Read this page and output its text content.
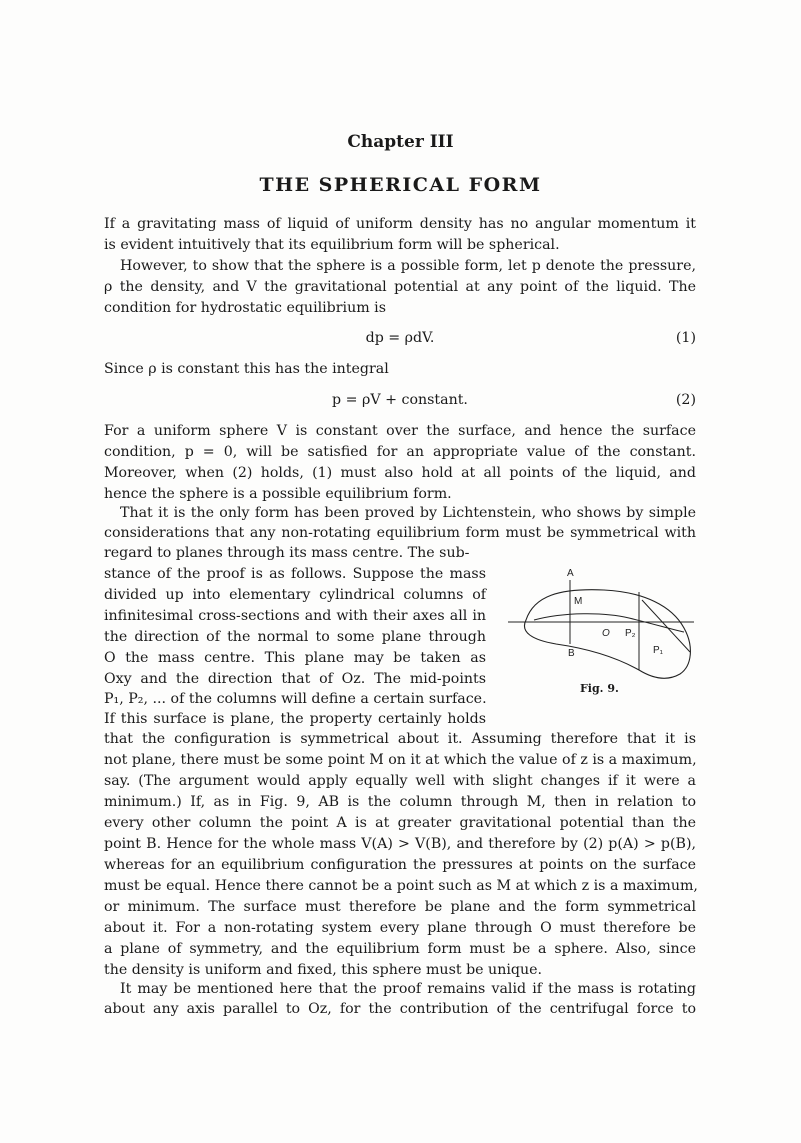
Chapter III
THE SPHERICAL FORM
If a gravitating mass of liquid of uniform density has no angular momentum it
is evident intuitively that its equilibrium form will be spherical.
However, to show that the sphere is a possible form, let p denote the pressure,
ρ the density, and V the gravitational potential at any point of the liquid. The
condition for hydrostatic equilibrium is
dp = ρdV.	(1)
Since ρ is constant this has the integral
p = ρV + constant.	(2)
For a uniform sphere V is constant over the surface, and hence the surface
condition, p = 0, will be satisfied for an appropriate value of the constant.
Moreover, when (2) holds, (1) must also hold at all points of the liquid, and
hence the sphere is a possible equilibrium form.
That it is the only form has been proved by Lichtenstein, who shows by simple
considerations that any non-rotating equilibrium form must be symmetrical with
regard to planes through its mass centre. The sub-
stance of the proof is as follows. Suppose the mass
divided up into elementary cylindrical columns of
infinitesimal cross-sections and with their axes all in
the direction of the normal to some plane through
O the mass centre. This plane may be taken as
Oxy and the direction that of Oz. The mid-points
P₁, P₂, ... of the columns will define a certain surface.
If this surface is plane, the property certainly holds
that the configuration is symmetrical about it. Assuming therefore that it is
not plane, there must be some point M on it at which the value of z is a maximum,
say. (The argument would apply equally well with slight changes if it were a
minimum.) If, as in Fig. 9, AB is the column through M, then in relation to
every other column the point A is at greater gravitational potential than the
point B. Hence for the whole mass V(A) > V(B), and therefore by (2) p(A) > p(B),
whereas for an equilibrium configuration the pressures at points on the surface
must be equal. Hence there cannot be a point such as M at which z is a maximum,
or minimum. The surface must therefore be plane and the form symmetrical
about it. For a non-rotating system every plane through O must therefore be
a plane of symmetry, and the equilibrium form must be a sphere. Also, since
the density is uniform and fixed, this sphere must be unique.
It may be mentioned here that the proof remains valid if the mass is rotating
about any axis parallel to Oz, for the contribution of the centrifugal force to
A
M
O P₂
B	P₁
Fig. 9.
